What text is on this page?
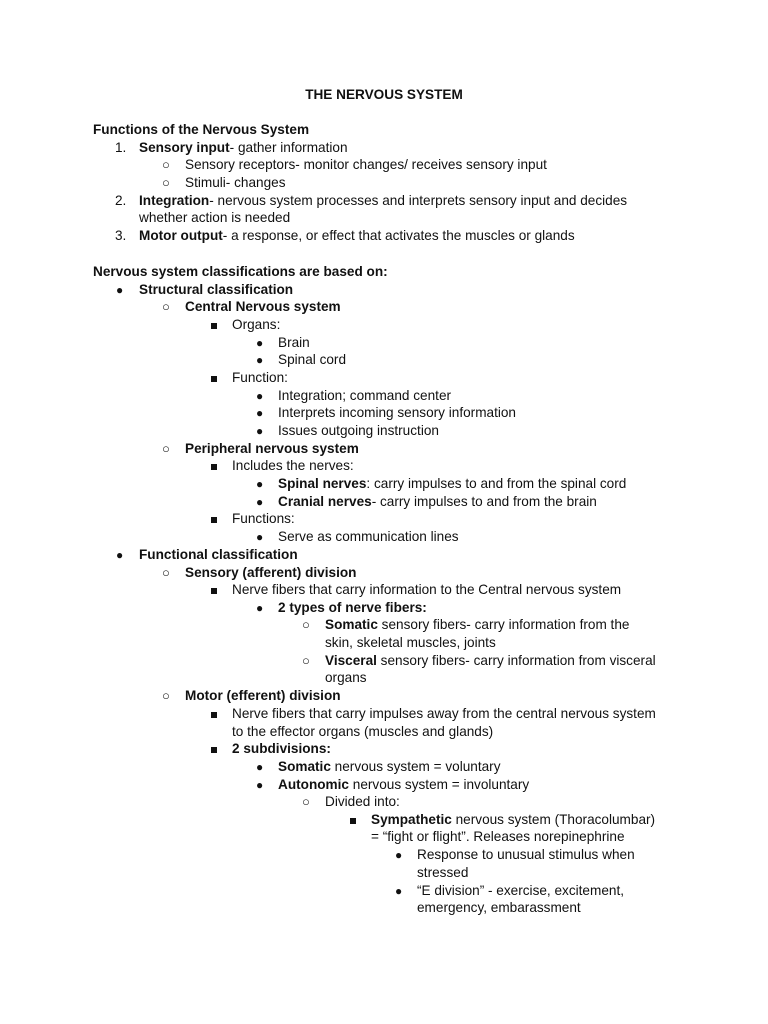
THE NERVOUS SYSTEM
Functions of the Nervous System
1. Sensory input- gather information
○ Sensory receptors- monitor changes/ receives sensory input
○ Stimuli- changes
2. Integration- nervous system processes and interprets sensory input and decides
whether action is needed
3. Motor output- a response, or effect that activates the muscles or glands
Nervous system classifications are based on:
● Structural classification
○ Central Nervous system
Organs:
● Brain
● Spinal cord
Function:
● Integration; command center
● Interprets incoming sensory information
● Issues outgoing instruction
○ Peripheral nervous system
Includes the nerves:
● Spinal nerves: carry impulses to and from the spinal cord
● Cranial nerves- carry impulses to and from the brain
Functions:
● Serve as communication lines
● Functional classification
○ Sensory (afferent) division
Nerve fibers that carry information to the Central nervous system
● 2 types of nerve fibers:
○ Somatic sensory fibers- carry information from the
skin, skeletal muscles, joints
○ Visceral sensory fibers- carry information from visceral
organs
○ Motor (efferent) division
Nerve fibers that carry impulses away from the central nervous system
to the effector organs (muscles and glands)
2 subdivisions:
● Somatic nervous system = voluntary
● Autonomic nervous system = involuntary
○ Divided into:
Sympathetic nervous system (Thoracolumbar)
= “fight or flight”. Releases norepinephrine
● Response to unusual stimulus when
stressed
● “E division” - exercise, excitement,
emergency, embarassment
